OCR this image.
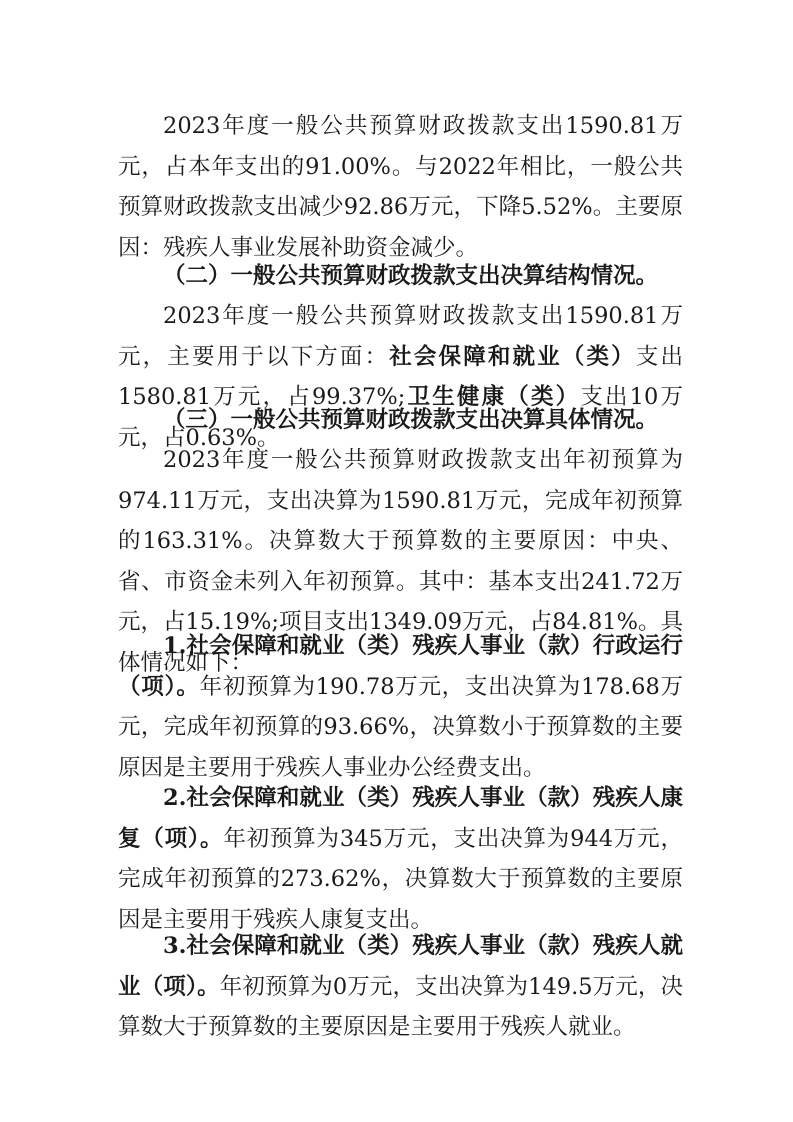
2023年度一般公共预算财政拨款支出1590.81万元，占本年支出的91.00%。与2022年相比，一般公共预算财政拨款支出减少92.86万元，下降5.52%。主要原因：残疾人事业发展补助资金减少。

（二）一般公共预算财政拨款支出决算结构情况。

2023年度一般公共预算财政拨款支出1590.81万元，主要用于以下方面：社会保障和就业（类）支出1580.81万元，占99.37%;卫生健康（类）支出10万元，占0.63%。

（三）一般公共预算财政拨款支出决算具体情况。

2023年度一般公共预算财政拨款支出年初预算为974.11万元，支出决算为1590.81万元，完成年初预算的163.31%。决算数大于预算数的主要原因：中央、省、市资金未列入年初预算。其中：基本支出241.72万元，占15.19%;项目支出1349.09万元，占84.81%。具体情况如下：

1.社会保障和就业（类）残疾人事业（款）行政运行（项）。年初预算为190.78万元，支出决算为178.68万元，完成年初预算的93.66%，决算数小于预算数的主要原因是主要用于残疾人事业办公经费支出。

2.社会保障和就业（类）残疾人事业（款）残疾人康复（项）。年初预算为345万元，支出决算为944万元，完成年初预算的273.62%，决算数大于预算数的主要原因是主要用于残疾人康复支出。

3.社会保障和就业（类）残疾人事业（款）残疾人就业（项）。年初预算为0万元，支出决算为149.5万元，决算数大于预算数的主要原因是主要用于残疾人就业。
